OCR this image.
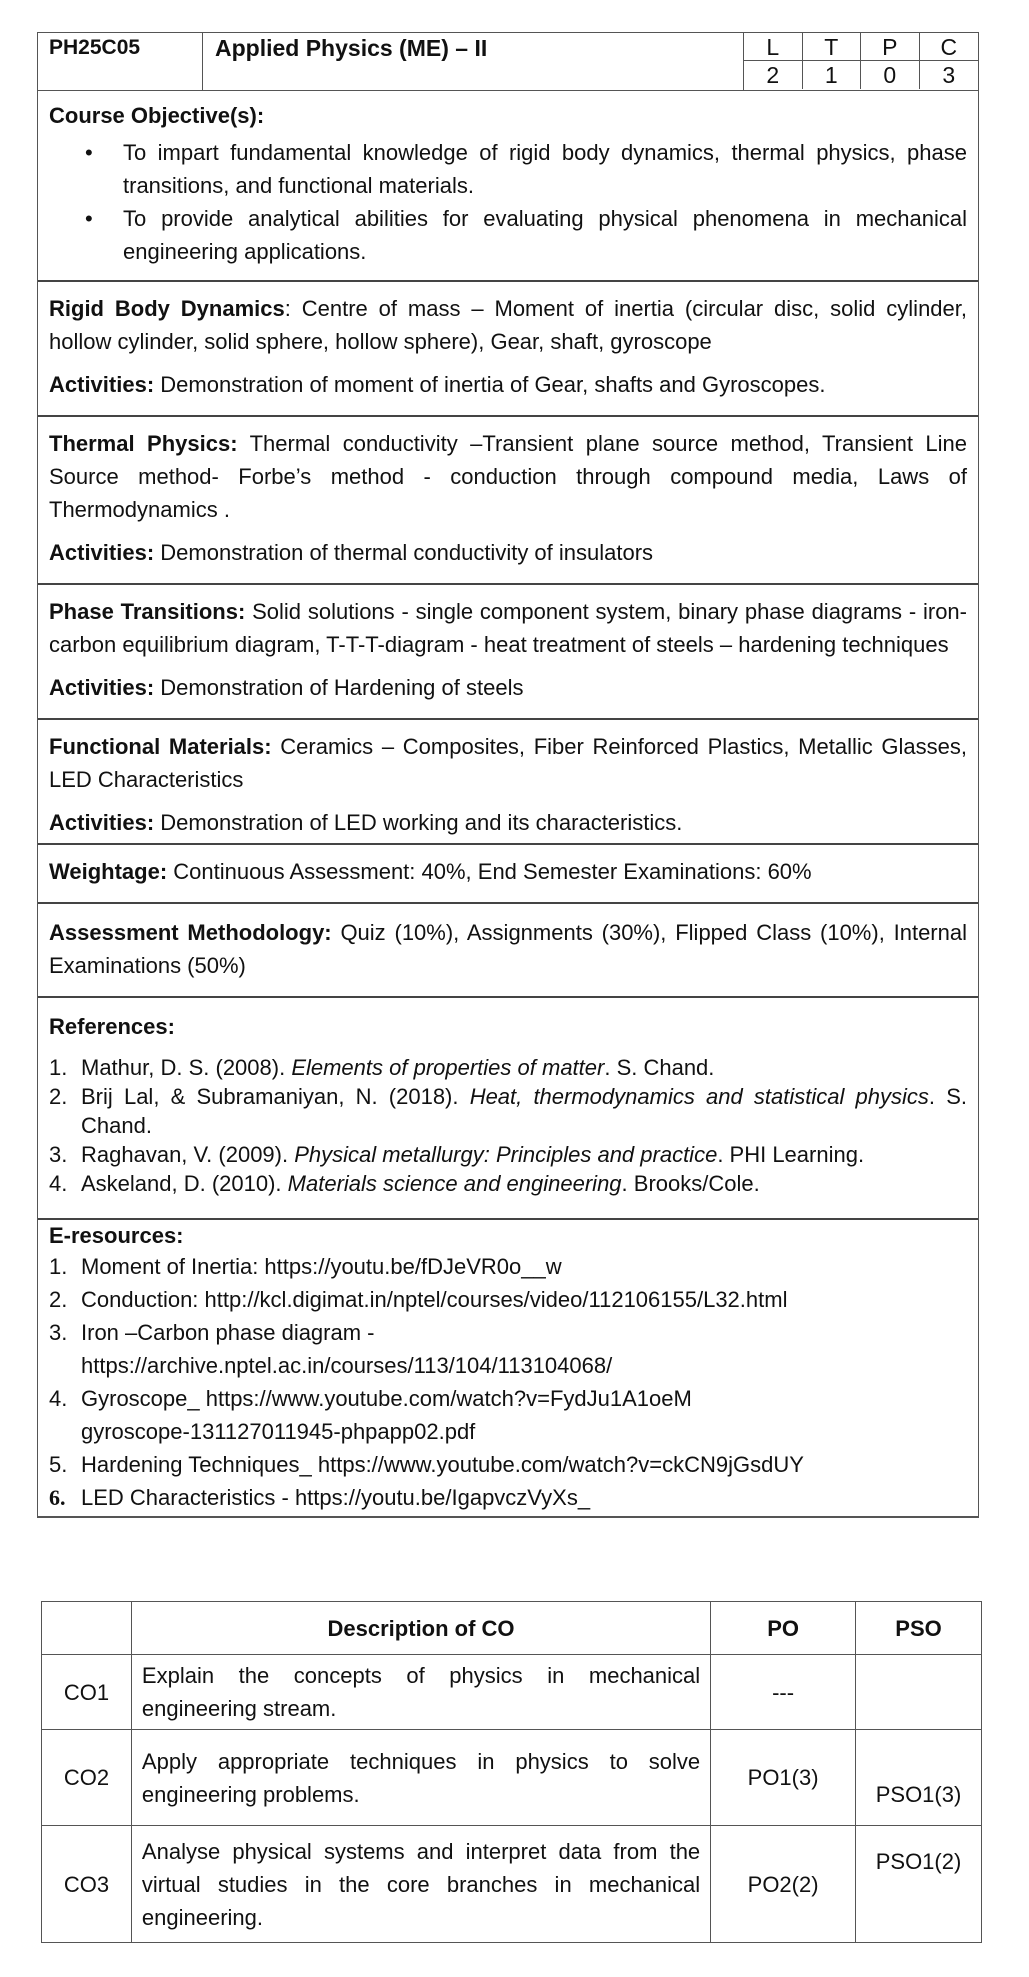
PH25C05	Applied Physics (ME) – II	L	T	P	C
2	1	0	3
Course Objective(s):
• To impart fundamental knowledge of rigid body dynamics, thermal physics, phase transitions, and functional materials.
• To provide analytical abilities for evaluating physical phenomena in mechanical engineering applications.

Rigid Body Dynamics: Centre of mass – Moment of inertia (circular disc, solid cylinder, hollow cylinder, solid sphere, hollow sphere), Gear, shaft, gyroscope

Activities: Demonstration of moment of inertia of Gear, shafts and Gyroscopes.

Thermal Physics: Thermal conductivity –Transient plane source method, Transient Line Source method- Forbe’s method - conduction through compound media, Laws of Thermodynamics .

Activities: Demonstration of thermal conductivity of insulators

Phase Transitions: Solid solutions - single component system, binary phase diagrams - iron-carbon equilibrium diagram, T-T-T-diagram - heat treatment of steels – hardening techniques

Activities: Demonstration of Hardening of steels

Functional Materials: Ceramics – Composites, Fiber Reinforced Plastics, Metallic Glasses, LED Characteristics

Activities: Demonstration of LED working and its characteristics.

Weightage: Continuous Assessment: 40%, End Semester Examinations: 60%

Assessment Methodology: Quiz (10%), Assignments (30%), Flipped Class (10%), Internal Examinations (50%)

References:
1. Mathur, D. S. (2008). Elements of properties of matter. S. Chand.
2. Brij Lal, & Subramaniyan, N. (2018). Heat, thermodynamics and statistical physics. S. Chand.
3. Raghavan, V. (2009). Physical metallurgy: Principles and practice. PHI Learning.
4. Askeland, D. (2010). Materials science and engineering. Brooks/Cole.
E-resources:
1. Moment of Inertia: https://youtu.be/fDJeVR0o__w
2. Conduction: http://kcl.digimat.in/nptel/courses/video/112106155/L32.html
3. Iron –Carbon phase diagram -
https://archive.nptel.ac.in/courses/113/104/113104068/
4. Gyroscope_ https://www.youtube.com/watch?v=FydJu1A1oeM
gyroscope-131127011945-phpapp02.pdf
5. Hardening Techniques_ https://www.youtube.com/watch?v=ckCN9jGsdUY
6. LED Characteristics - https://youtu.be/IgapvczVyXs_
	Description of CO	PO	PSO
CO1	Explain the concepts of physics in mechanical engineering stream.	---	
CO2	Apply appropriate techniques in physics to solve engineering problems.	PO1(3)	PSO1(3)

CO3	Analyse physical systems and interpret data from the virtual studies in the core branches in mechanical engineering.	PO2(2)	PSO1(2)
